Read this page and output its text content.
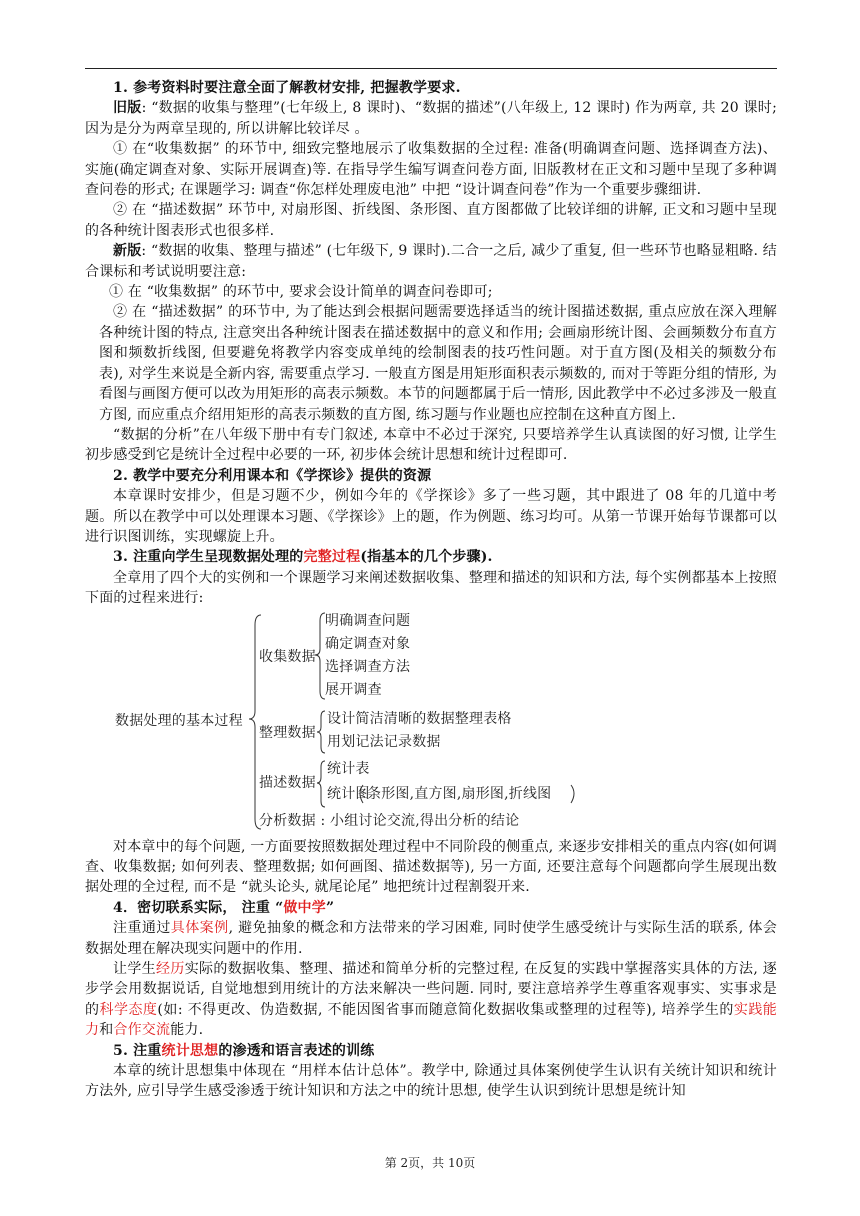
1. 参考资料时要注意全面了解教材安排, 把握教学要求.

旧版: “数据的收集与整理”(七年级上, 8 课时)、“数据的描述”(八年级上, 12 课时) 作为两章, 共 20 课时;因为是分为两章呈现的, 所以讲解比较详尽 。

① 在“收集数据” 的环节中, 细致完整地展示了收集数据的全过程: 准备(明确调查问题、选择调查方法)、实施(确定调查对象、实际开展调查)等. 在指导学生编写调查问卷方面, 旧版教材在正文和习题中呈现了多种调查问卷的形式; 在课题学习: 调查“你怎样处理废电池” 中把 “设计调查问卷”作为一个重要步骤细讲.

② 在 “描述数据” 环节中, 对扇形图、折线图、条形图、直方图都做了比较详细的讲解, 正文和习题中呈现的各种统计图表形式也很多样.

新版: “数据的收集、整理与描述” (七年级下, 9 课时).二合一之后, 减少了重复, 但一些环节也略显粗略. 结合课标和考试说明要注意:

① 在 “收集数据” 的环节中, 要求会设计简单的调查问卷即可;

② 在 “描述数据” 的环节中, 为了能达到会根据问题需要选择适当的统计图描述数据, 重点应放在深入理解各种统计图的特点, 注意突出各种统计图表在描述数据中的意义和作用; 会画扇形统计图、会画频数分布直方图和频数折线图, 但要避免将教学内容变成单纯的绘制图表的技巧性问题。对于直方图(及相关的频数分布表), 对学生来说是全新内容, 需要重点学习. 一般直方图是用矩形面积表示频数的, 而对于等距分组的情形, 为看图与画图方便可以改为用矩形的高表示频数。本节的问题都属于后一情形, 因此教学中不必过多涉及一般直方图, 而应重点介绍用矩形的高表示频数的直方图, 练习题与作业题也应控制在这种直方图上.

“数据的分析”在八年级下册中有专门叙述, 本章中不必过于深究, 只要培养学生认真读图的好习惯, 让学生初步感受到它是统计全过程中必要的一环, 初步体会统计思想和统计过程即可.

2. 教学中要充分利用课本和《学探诊》提供的资源

本章课时安排少，但是习题不少，例如今年的《学探诊》多了一些习题，其中跟进了 08 年的几道中考题。所以在教学中可以处理课本习题、《学探诊》上的题，作为例题、练习均可。从第一节课开始每节课都可以进行识图训练，实现螺旋上升。

3. 注重向学生呈现数据处理的完整过程(指基本的几个步骤).

全章用了四个大的实例和一个课题学习来阐述数据收集、整理和描述的知识和方法, 每个实例都基本上按照下面的过程来进行:

数据处理的基本过程
收集数据
明确调查问题
确定调查对象
选择调查方法
展开调查
整理数据
设计简洁清晰的数据整理表格
用划记法记录数据
描述数据
统计表
统计图
条形图,直方图,扇形图,折线图
分析数据 : 小组讨论交流,得出分析的结论

对本章中的每个问题, 一方面要按照数据处理过程中不同阶段的侧重点, 来逐步安排相关的重点内容(如何调查、收集数据; 如何列表、整理数据; 如何画图、描述数据等), 另一方面, 还要注意每个问题都向学生展现出数据处理的全过程, 而不是 “就头论头, 就尾论尾” 地把统计过程割裂开来.

4．密切联系实际， 注重 “做中学”

注重通过具体案例, 避免抽象的概念和方法带来的学习困难, 同时使学生感受统计与实际生活的联系, 体会数据处理在解决现实问题中的作用.

让学生经历实际的数据收集、整理、描述和简单分析的完整过程, 在反复的实践中掌握落实具体的方法, 逐步学会用数据说话, 自觉地想到用统计的方法来解决一些问题. 同时, 要注意培养学生尊重客观事实、实事求是的科学态度(如: 不得更改、伪造数据, 不能因图省事而随意简化数据收集或整理的过程等), 培养学生的实践能力和合作交流能力.

5. 注重统计思想的渗透和语言表述的训练

本章的统计思想集中体现在 “用样本估计总体”。教学中, 除通过具体案例使学生认识有关统计知识和统计方法外, 应引导学生感受渗透于统计知识和方法之中的统计思想, 使学生认识到统计思想是统计知

第 2页，共 10页
